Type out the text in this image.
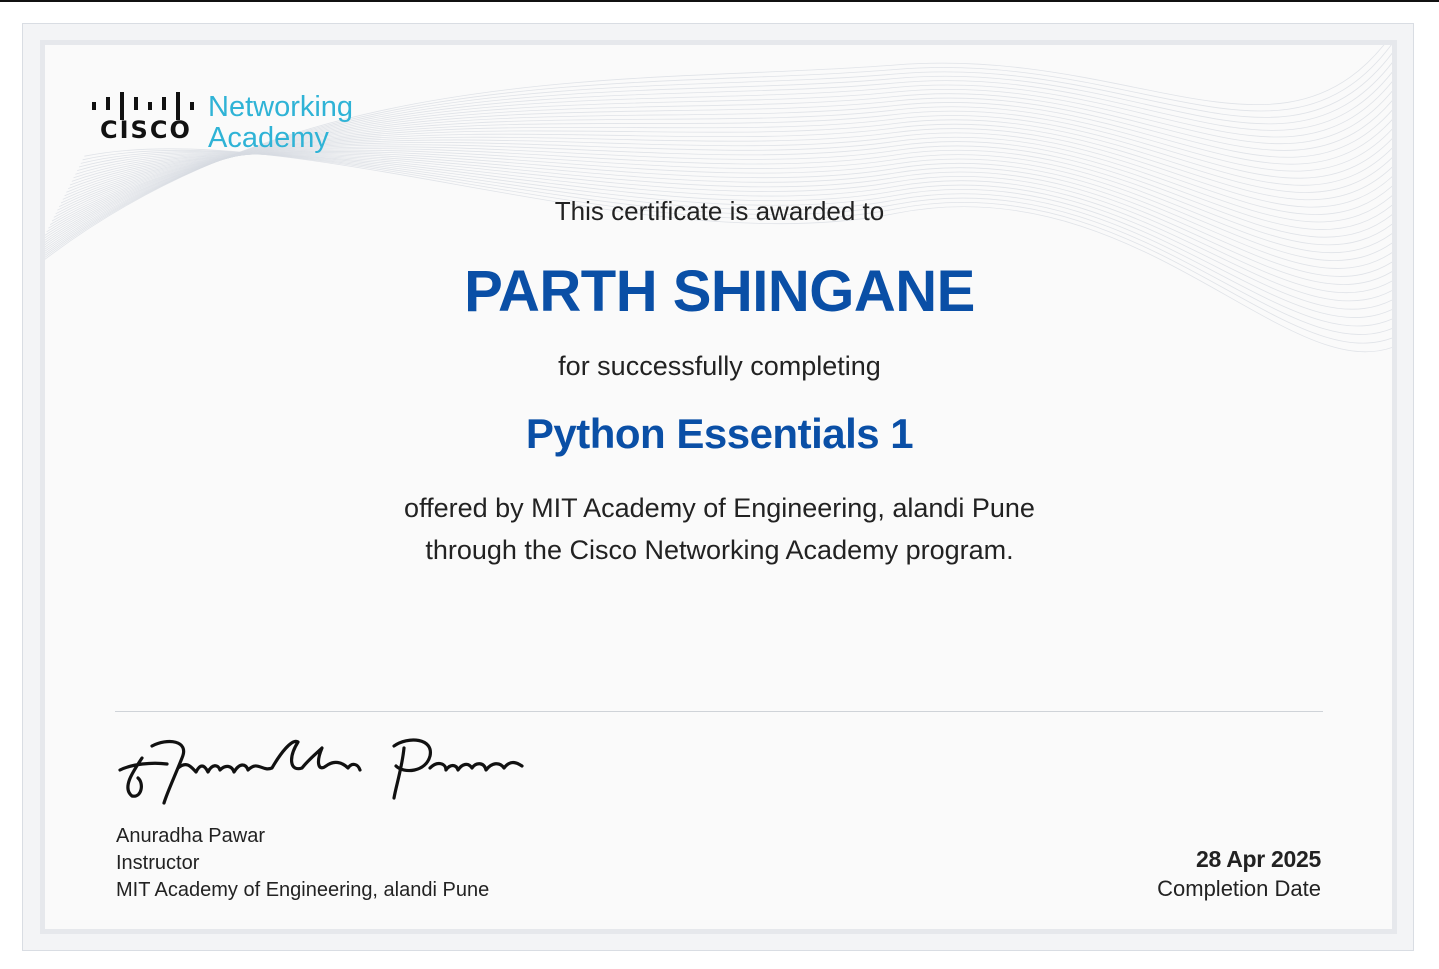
CISCO
Networking
Academy
This certificate is awarded to
PARTH SHINGANE
for successfully completing
Python Essentials 1
offered by MIT Academy of Engineering, alandi Pune
through the Cisco Networking Academy program.
Anuradha Pawar
Instructor
MIT Academy of Engineering, alandi Pune
28 Apr 2025
Completion Date
